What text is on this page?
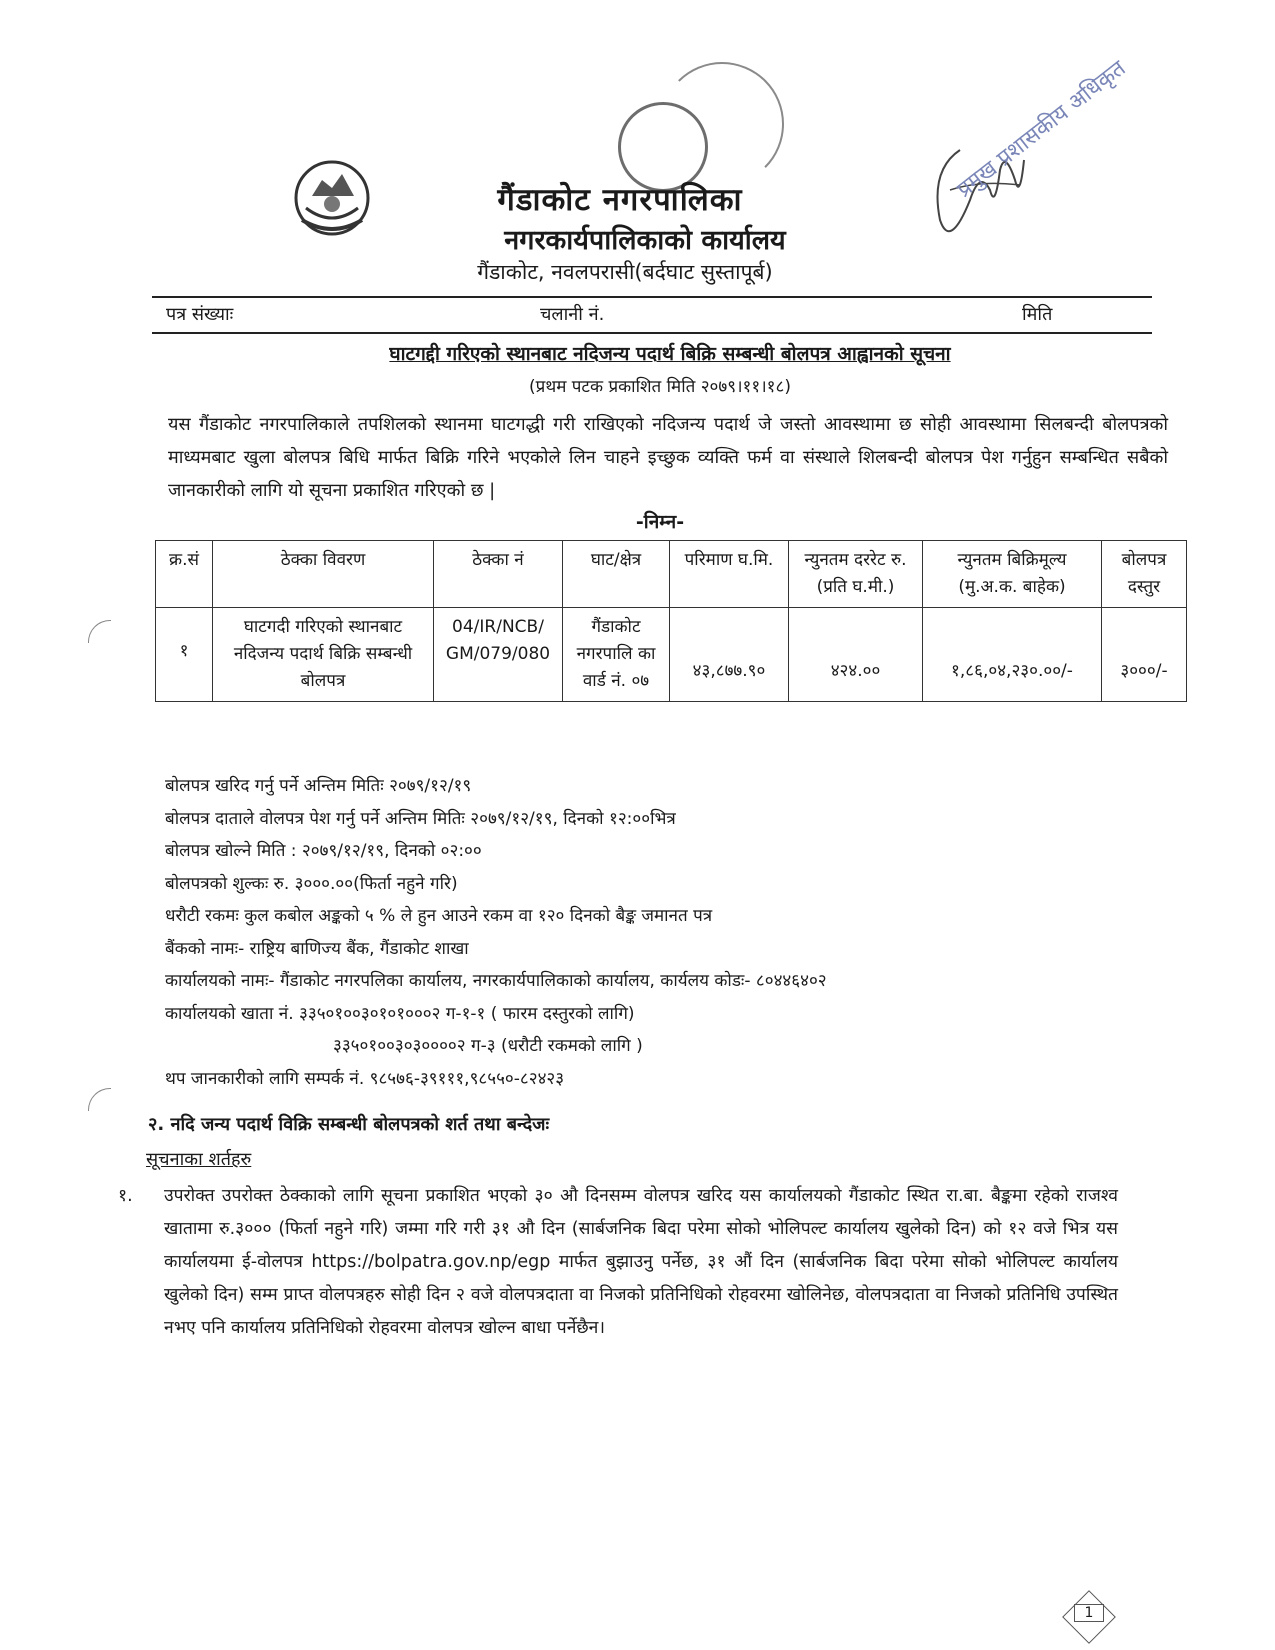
गैंडाकोट नगरपालिका
नगरकार्यपालिकाको कार्यालय
गैंडाकोट, नवलपरासी(बर्दघाट सुस्तापूर्ब)
प्रमुख प्रशासकीय अधिकृत
पत्र संख्याः	चलानी नं.	मिति
घाटगद्दी गरिएको स्थानबाट नदिजन्य पदार्थ बिक्रि सम्बन्धी बोलपत्र आह्वानको सूचना
(प्रथम पटक प्रकाशित मिति २०७९।११।१८)
यस गैंडाकोट नगरपालिकाले तपशिलको स्थानमा घाटगद्धी गरी राखिएको नदिजन्य पदार्थ जे जस्तो आवस्थामा छ सोही आवस्थामा सिलबन्दी बोलपत्रको माध्यमबाट खुला बोलपत्र बिधि मार्फत बिक्रि गरिने भएकोले लिन चाहने इच्छुक व्यक्ति फर्म वा संस्थाले शिलबन्दी बोलपत्र पेश गर्नुहुन सम्बन्धित सबैको जानकारीको लागि यो सूचना प्रकाशित गरिएको छ |
-निम्न-
क्र.सं	ठेक्का विवरण	ठेक्का नं	घाट/क्षेत्र	परिमाण घ.मि.	न्युनतम दररेट रु. (प्रति घ.मी.)	न्युनतम बिक्रिमूल्य (मु.अ.क. बाहेक)	बोलपत्र दस्तुर
१	घाटगदी गरिएको स्थानबाट नदिजन्य पदार्थ बिक्रि सम्बन्धी बोलपत्र	04/IR/NCB/ GM/079/080	गैंडाकोट नगरपालि का वार्ड नं. ०७	४३,८७७.९०	४२४.००	१,८६,०४,२३०.००/-	३०००/-
बोलपत्र खरिद गर्नु पर्ने अन्तिम मितिः २०७९/१२/१९
बोलपत्र दाताले वोलपत्र पेश गर्नु पर्ने अन्तिम मितिः २०७९/१२/१९, दिनको १२:००भित्र
बोलपत्र खोल्ने मिति : २०७९/१२/१९, दिनको ०२:००
बोलपत्रको शुल्कः रु. ३०००.००(फिर्ता नहुने गरि)
धरौटी रकमः कुल कबोल अङ्कको ५ % ले हुन आउने रकम वा १२० दिनको बैङ्क जमानत पत्र
बैंकको नामः- राष्ट्रिय बाणिज्य बैंक, गैंडाकोट शाखा
कार्यालयको नामः- गैंडाकोट नगरपलिका कार्यालय, नगरकार्यपालिकाको कार्यालय, कार्यलय कोडः- ८०४४६४०२
कार्यालयको खाता नं. ३३५०१००३०१०१०००२ ग-१-१ ( फारम दस्तुरको लागि)
३३५०१००३०३००००२ ग-३ (धरौटी रकमको लागि )
थप जानकारीको लागि सम्पर्क नं. ९८५७६-३९१११,९८५५०-८२४२३
२. नदि जन्य पदार्थ विक्रि सम्बन्धी बोलपत्रको शर्त तथा बन्देजः
सूचनाका शर्तहरु
१. उपरोक्त उपरोक्त ठेक्काको लागि सूचना प्रकाशित भएको ३० औ दिनसम्म वोलपत्र खरिद यस कार्यालयको गैंडाकोट स्थित रा.बा. बैङ्कमा रहेको राजश्व खातामा रु.३००० (फिर्ता नहुने गरि) जम्मा गरि गरी ३१ औ दिन (सार्बजनिक बिदा परेमा सोको भोलिपल्ट कार्यालय खुलेको दिन) को १२ वजे भित्र यस कार्यालयमा ई-वोलपत्र https://bolpatra.gov.np/egp मार्फत बुझाउनु पर्नेछ, ३१ औं दिन (सार्बजनिक बिदा परेमा सोको भोलिपल्ट कार्यालय खुलेको दिन) सम्म प्राप्त वोलपत्रहरु सोही दिन २ वजे वोलपत्रदाता वा निजको प्रतिनिधिको रोहवरमा खोलिनेछ, वोलपत्रदाता वा निजको प्रतिनिधि उपस्थित नभए पनि कार्यालय प्रतिनिधिको रोहवरमा वोलपत्र खोल्न बाधा पर्नेछैन।
1
